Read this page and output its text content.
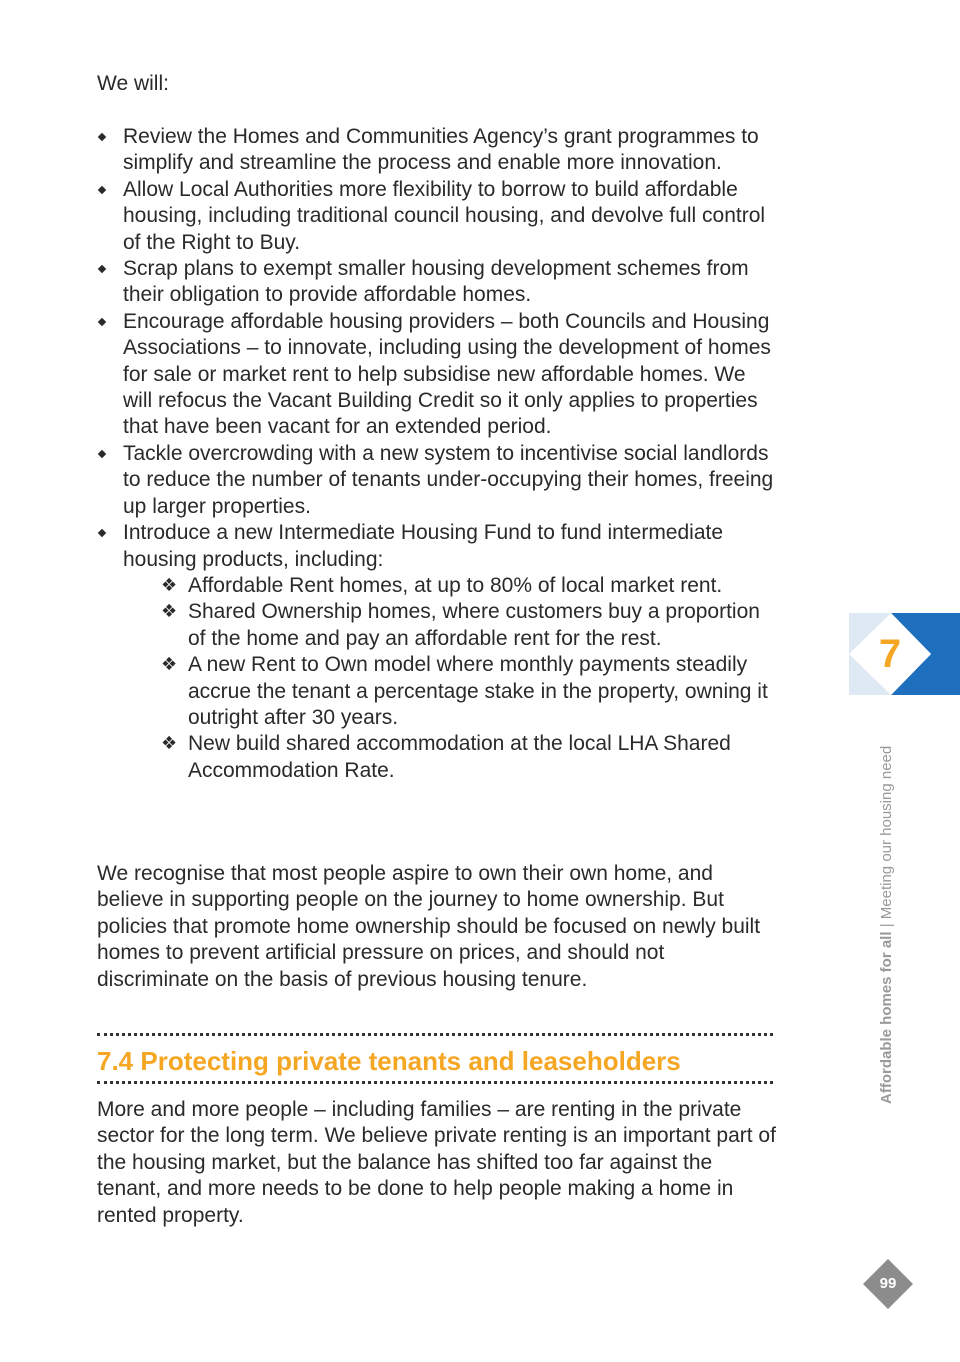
We will:

Review the Homes and Communities Agency’s grant programmes to simplify and streamline the process and enable more innovation.
Allow Local Authorities more flexibility to borrow to build affordable housing, including traditional council housing, and devolve full control of the Right to Buy.
Scrap plans to exempt smaller housing development schemes from their obligation to provide affordable homes.
Encourage affordable housing providers – both Councils and Housing Associations – to innovate, including using the development of homes for sale or market rent to help subsidise new affordable homes. We will refocus the Vacant Building Credit so it only applies to properties that have been vacant for an extended period.
Tackle overcrowding with a new system to incentivise social landlords to reduce the number of tenants under-occupying their homes, freeing up larger properties.
Introduce a new Intermediate Housing Fund to fund intermediate housing products, including:
❖ Affordable Rent homes, at up to 80% of local market rent.
❖ Shared Ownership homes, where customers buy a proportion of the home and pay an affordable rent for the rest.
❖ A new Rent to Own model where monthly payments steadily accrue the tenant a percentage stake in the property, owning it outright after 30 years.
❖ New build shared accommodation at the local LHA Shared Accommodation Rate.

We recognise that most people aspire to own their own home, and believe in supporting people on the journey to home ownership. But policies that promote home ownership should be focused on newly built homes to prevent artificial pressure on prices, and should not discriminate on the basis of previous housing tenure.

7.4 Protecting private tenants and leaseholders

More and more people – including families – are renting in the private sector for the long term. We believe private renting is an important part of the housing market, but the balance has shifted too far against the tenant, and more needs to be done to help people making a home in rented property.

7
Affordable homes for all | Meeting our housing need
99
